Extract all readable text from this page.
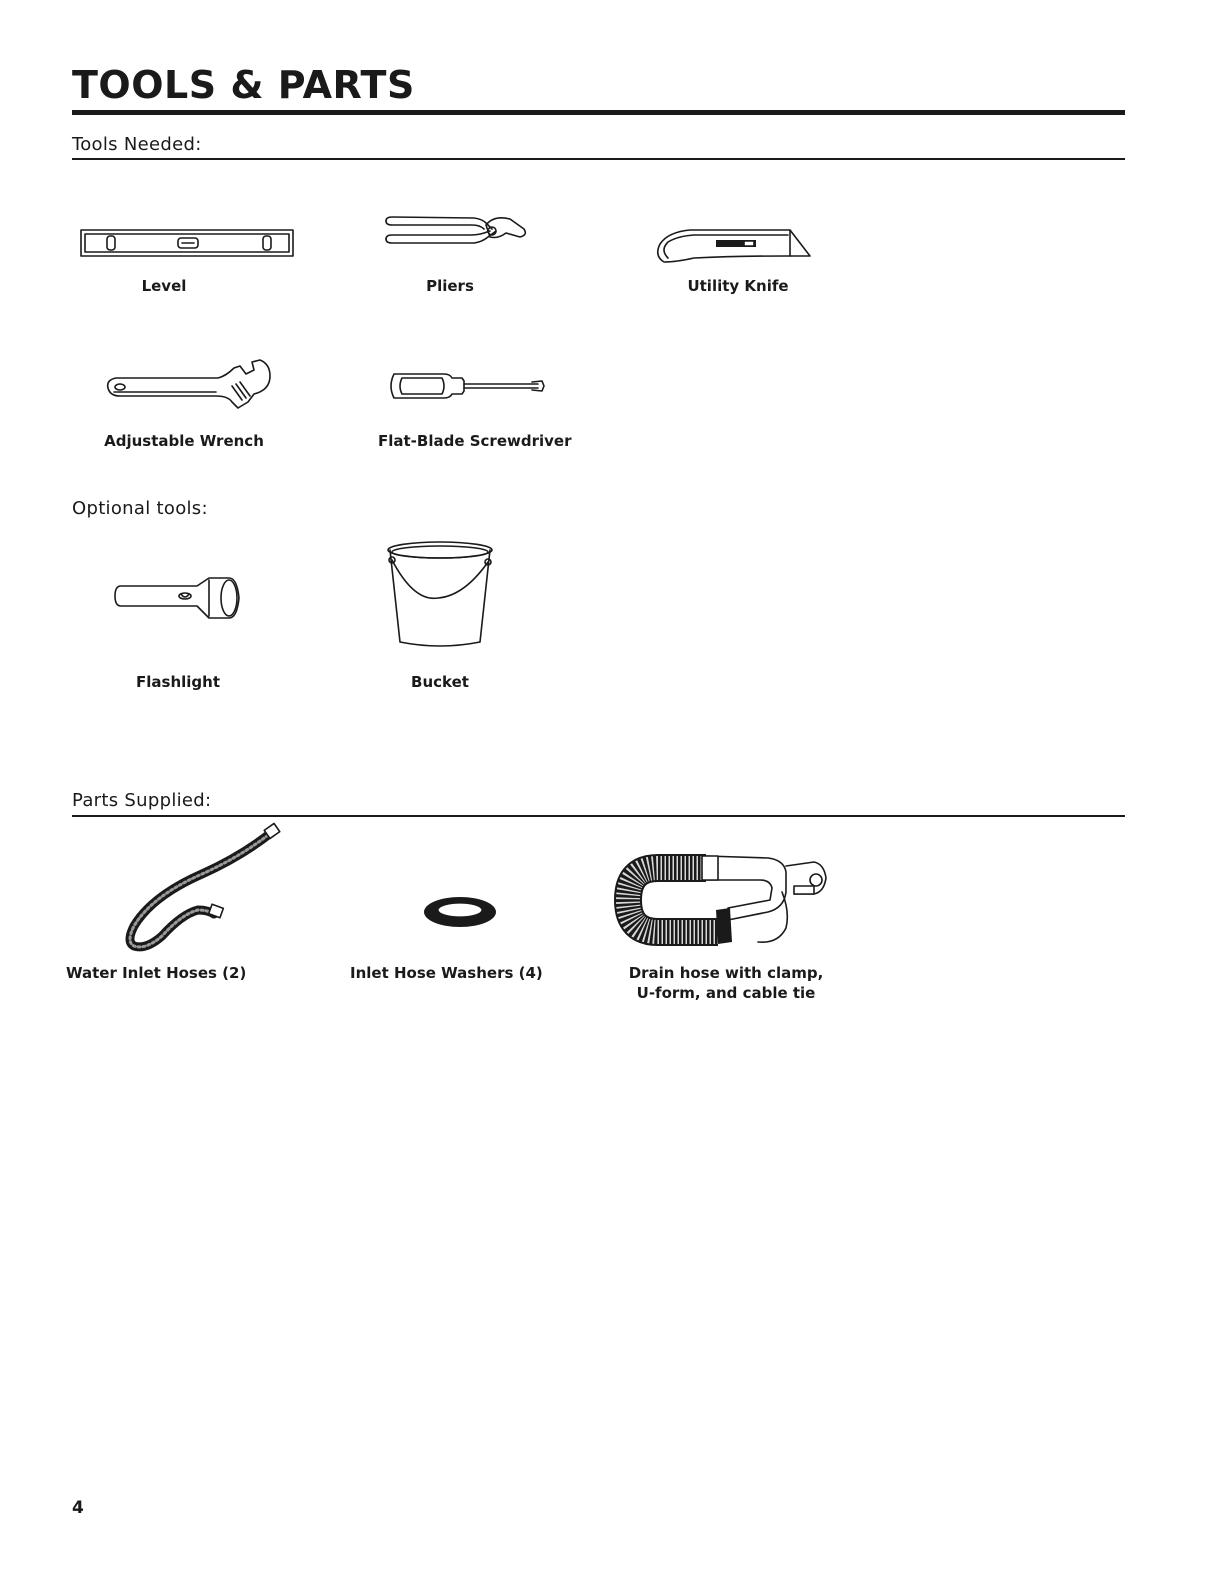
TOOLS & PARTS
Tools Needed:
Level	Pliers	Utility Knife
Adjustable Wrench	Flat-Blade Screwdriver
Optional tools:
Flashlight	Bucket
Parts Supplied:
Water Inlet Hoses (2)	Inlet Hose Washers (4)	Drain hose with clamp,
U-form, and cable tie
4
